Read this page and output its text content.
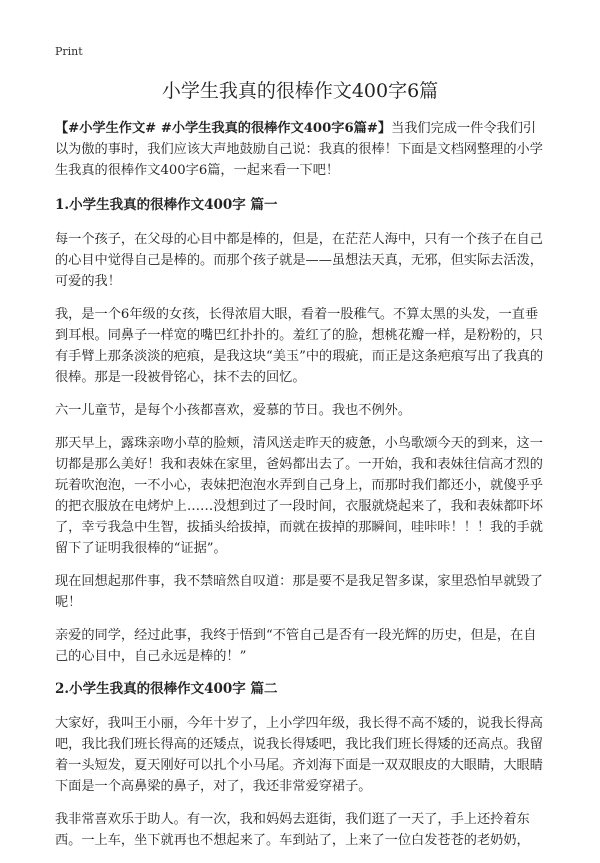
Print
小学生我真的很棒作文400字6篇

【#小学生作文# #小学生我真的很棒作文400字6篇#】当我们完成一件令我们引以为傲的事时，我们应该大声地鼓励自己说：我真的很棒！下面是文档网整理的小学生我真的很棒作文400字6篇，一起来看一下吧！

1.小学生我真的很棒作文400字 篇一

每一个孩子，在父母的心目中都是棒的，但是，在茫茫人海中，只有一个孩子在自己的心目中觉得自己是棒的。而那个孩子就是——虽想法天真，无邪，但实际去活泼，可爱的我！

我，是一个6年级的女孩，长得浓眉大眼，看着一股稚气。不算太黑的头发，一直垂到耳根。同鼻子一样宽的嘴巴红扑扑的。羞红了的脸，想桃花瓣一样，是粉粉的，只有手臂上那条淡淡的疤痕，是我这块“美玉”中的瑕疵，而正是这条疤痕写出了我真的很棒。那是一段被骨铭心，抹不去的回忆。

六一儿童节，是每个小孩都喜欢，爱慕的节日。我也不例外。

那天早上，露珠亲吻小草的脸颊，清风送走昨天的疲惫，小鸟歌颂今天的到来，这一切都是那么美好！我和表妹在家里，爸妈都出去了。一开始，我和表妹往信高才烈的玩着吹泡泡，一不小心，表妹把泡泡水弄到自己身上，而那时我们都还小，就傻乎乎的把衣服放在电烤炉上……没想到过了一段时间，衣服就烧起来了，我和表妹都吓坏了，幸亏我急中生智，拔插头给拔掉，而就在拔掉的那瞬间，哇咔咔！！！我的手就留下了证明我很棒的“证据”。

现在回想起那件事，我不禁暗然自叹道：那是要不是我足智多谋，家里恐怕早就毁了呢！

亲爱的同学，经过此事，我终于悟到“不管自己是否有一段光辉的历史，但是，在自己的心目中，自己永远是棒的！”

2.小学生我真的很棒作文400字 篇二

大家好，我叫王小丽，今年十岁了，上小学四年级，我长得不高不矮的，说我长得高吧，我比我们班长得高的还矮点，说我长得矮吧，我比我们班长得矮的还高点。我留着一头短发，夏天刚好可以扎个小马尾。齐刘海下面是一双双眼皮的大眼睛，大眼睛下面是一个高鼻梁的鼻子，对了，我还非常爱穿裙子。

我非常喜欢乐于助人。有一次，我和妈妈去逛街，我们逛了一天了，手上还拎着东西。一上车，坐下就再也不想起来了。车到站了，上来了一位白发苍苍的老奶奶，
